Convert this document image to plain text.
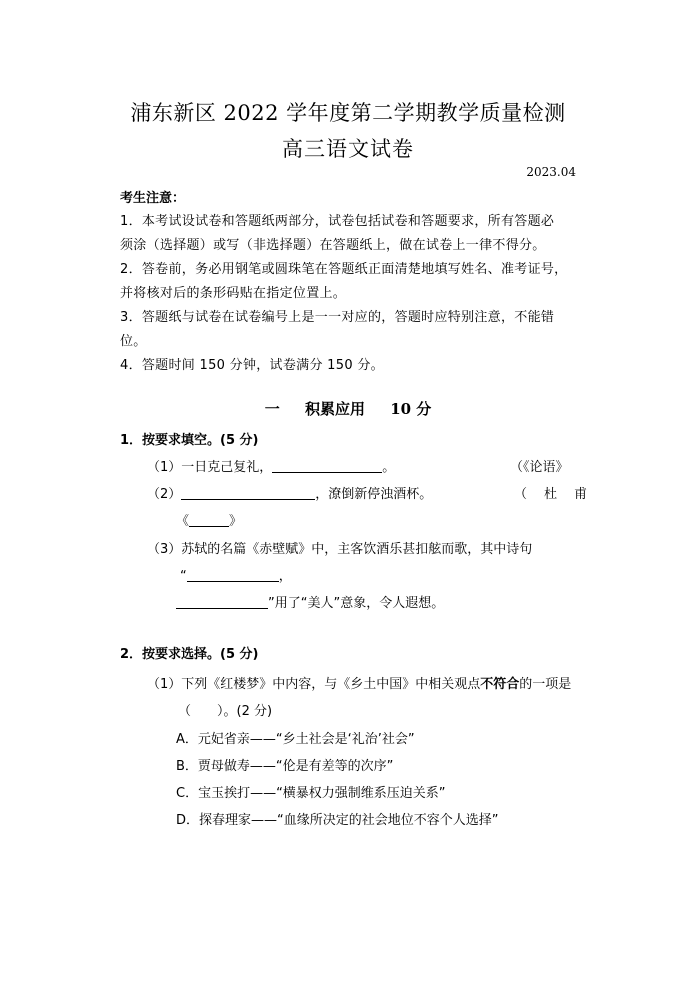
浦东新区 2022 学年度第二学期教学质量检测
高三语文试卷
2023.04
考生注意：
1．本考试设试卷和答题纸两部分，试卷包括试卷和答题要求，所有答题必
须涂（选择题）或写（非选择题）在答题纸上，做在试卷上一律不得分。
2．答卷前，务必用钢笔或圆珠笔在答题纸正面清楚地填写姓名、准考证号，
并将核对后的条形码贴在指定位置上。
3．答题纸与试卷在试卷编号上是一一对应的，答题时应特别注意，不能错
位。
4．答题时间 150 分钟，试卷满分 150 分。
一 积累应用 10 分
1．按要求填空。(5 分)
（1）一日克己复礼，	。	（《论语》
（2）	，潦倒新停浊酒杯。	（　杜　甫
《	》
（3）苏轼的名篇《赤壁赋》中，主客饮酒乐甚扣舷而歌，其中诗句
“	，
”用了“美人”意象，令人遐想。
2．按要求选择。(5 分)
（1）下列《红楼梦》中内容，与《乡土中国》中相关观点不符合的一项是
（　　）。(2 分)
A．元妃省亲——“乡土社会是‘礼治’社会”
B．贾母做寿——“伦是有差等的次序”
C．宝玉挨打——“横暴权力强制维系压迫关系”
D．探春理家——“血缘所决定的社会地位不容个人选择”
